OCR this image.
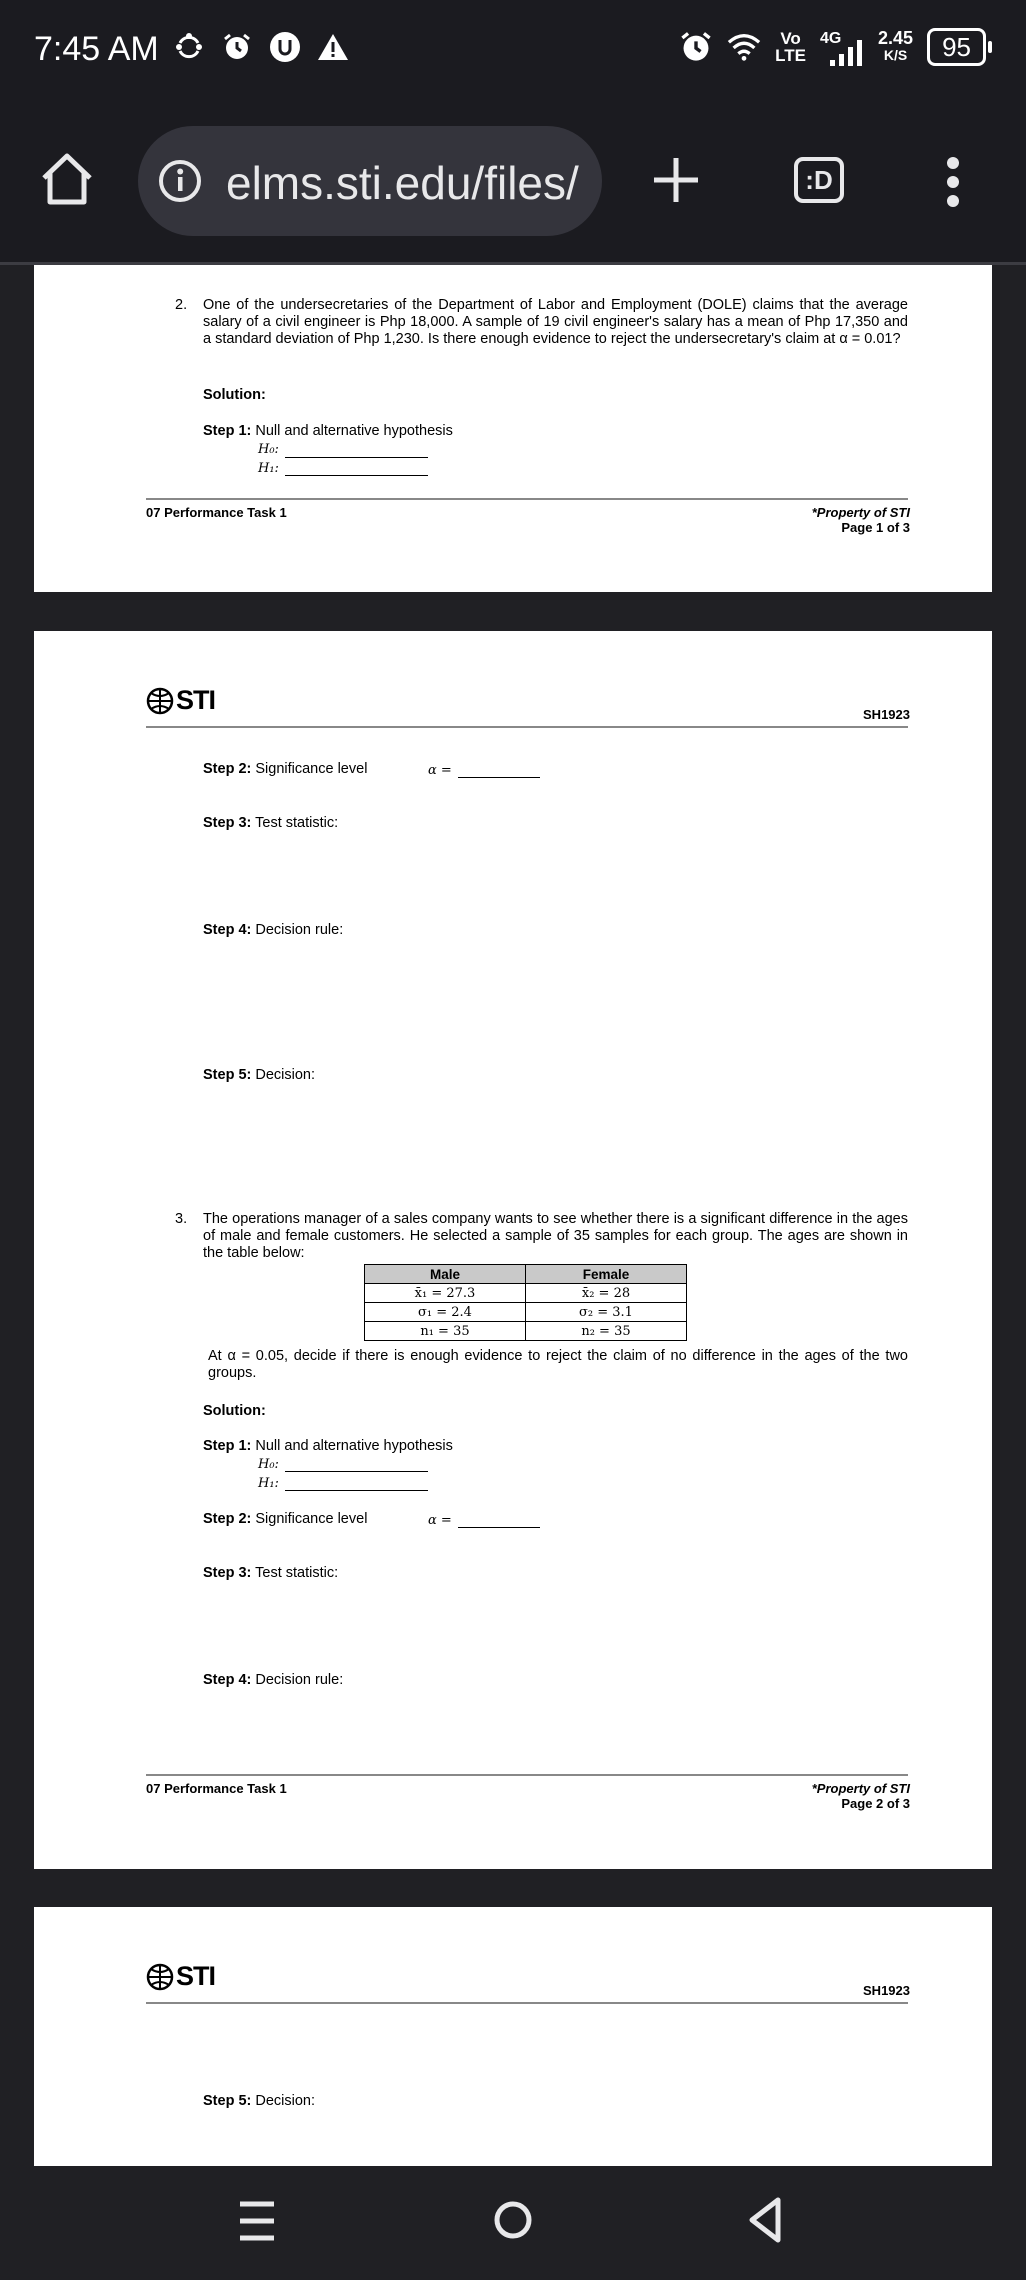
7:45 AM	Vo
LTE
4G 2.45
K/S	95
elms.sti.edu/files/	:D
2. One of the undersecretaries of the Department of Labor and Employment (DOLE) claims that the average salary of a civil engineer is Php 18,000. A sample of 19 civil engineer's salary has a mean of Php 17,350 and a standard deviation of Php 1,230. Is there enough evidence to reject the undersecretary's claim at α = 0.01?
Solution:
Step 1: Null and alternative hypothesis
H₀:
H₁:
07 Performance Task 1	*Property of STI
Page 1 of 3
STI	SH1923
Step 2: Significance level	α =
Step 3: Test statistic:
Step 4: Decision rule:
Step 5: Decision:
3. The operations manager of a sales company wants to see whether there is a significant difference in the ages of male and female customers. He selected a sample of 35 samples for each group. The ages are shown in the table below:
Male	Female
x̄₁ = 27.3	x̄₂ = 28
σ₁ = 2.4	σ₂ = 3.1
n₁ = 35	n₂ = 35
At α = 0.05, decide if there is enough evidence to reject the claim of no difference in the ages of the two groups.
Solution:
Step 1: Null and alternative hypothesis
H₀:
H₁:
Step 2: Significance level	α =
Step 3: Test statistic:
Step 4: Decision rule:
07 Performance Task 1	*Property of STI
Page 2 of 3
STI	SH1923
Step 5: Decision:
